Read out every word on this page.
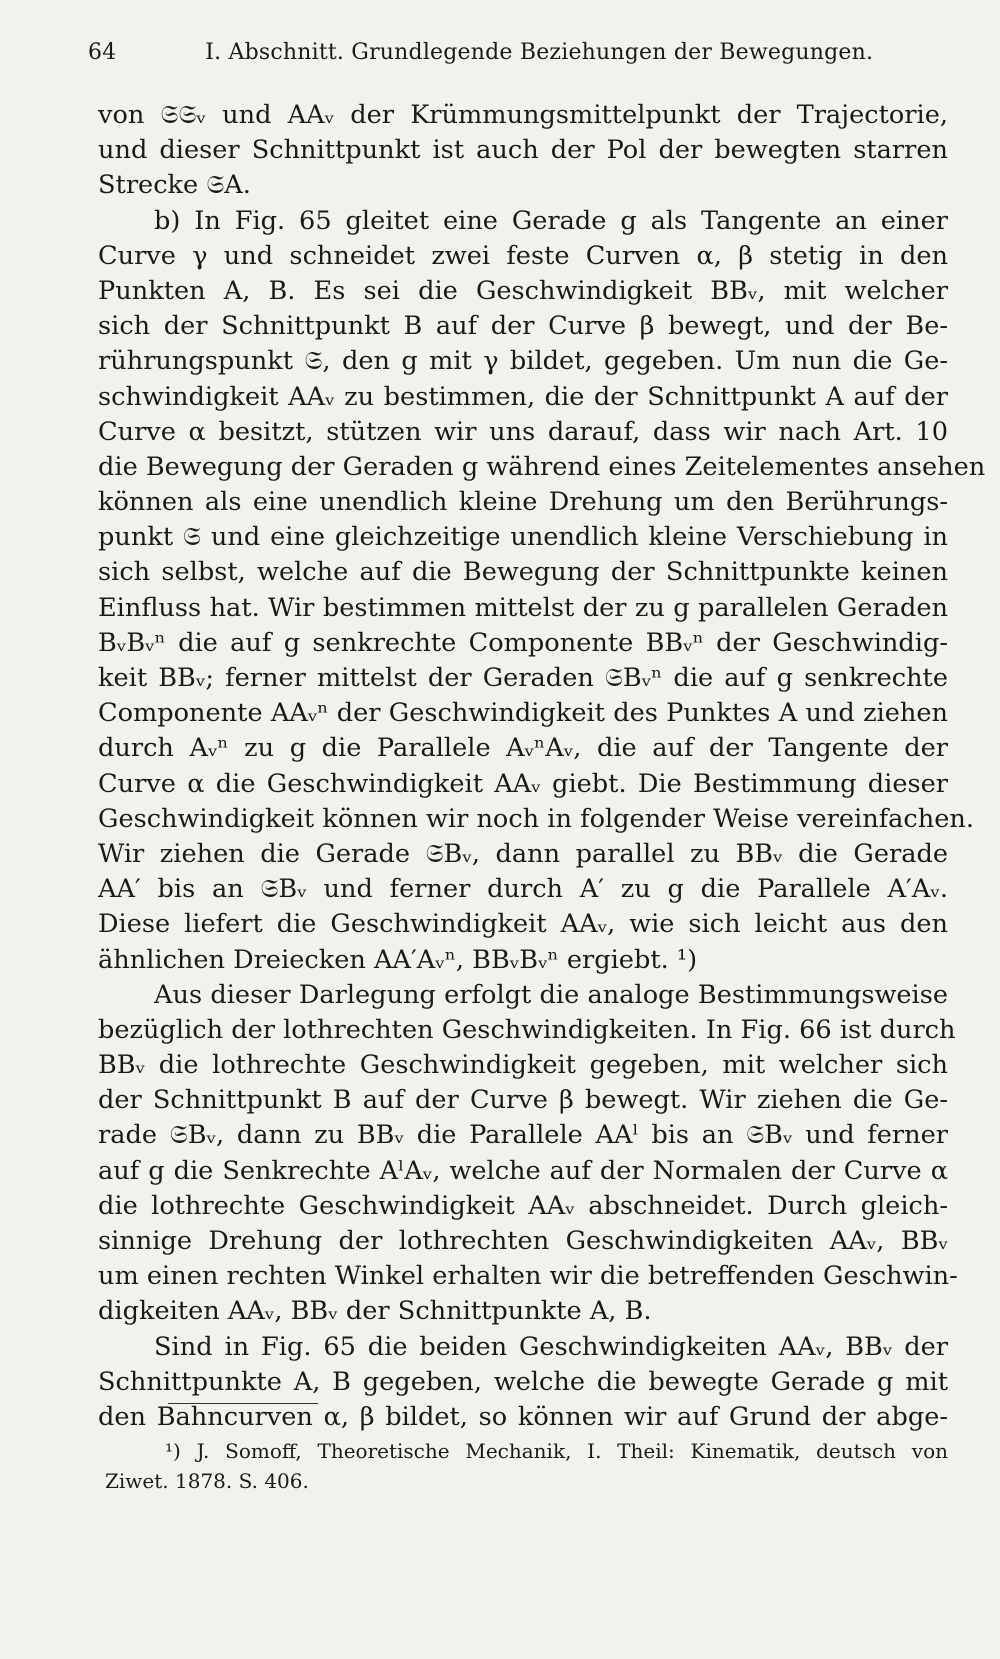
64	I. Abschnitt. Grundlegende Beziehungen der Bewegungen.
von 𝔖𝔖ᵥ und AAᵥ der Krümmungsmittelpunkt der Trajectorie,
und dieser Schnittpunkt ist auch der Pol der bewegten starren
Strecke 𝔖A.
b) In Fig. 65 gleitet eine Gerade g als Tangente an einer
Curve γ und schneidet zwei feste Curven α, β stetig in den
Punkten A, B. Es sei die Geschwindigkeit BBᵥ, mit welcher
sich der Schnittpunkt B auf der Curve β bewegt, und der Be-
rührungspunkt 𝔖, den g mit γ bildet, gegeben. Um nun die Ge-
schwindigkeit AAᵥ zu bestimmen, die der Schnittpunkt A auf der
Curve α besitzt, stützen wir uns darauf, dass wir nach Art. 10
die Bewegung der Geraden g während eines Zeitelementes ansehen
können als eine unendlich kleine Drehung um den Berührungs-
punkt 𝔖 und eine gleichzeitige unendlich kleine Verschiebung in
sich selbst, welche auf die Bewegung der Schnittpunkte keinen
Einfluss hat. Wir bestimmen mittelst der zu g parallelen Geraden
BᵥBᵥⁿ die auf g senkrechte Componente BBᵥⁿ der Geschwindig-
keit BBᵥ; ferner mittelst der Geraden 𝔖Bᵥⁿ die auf g senkrechte
Componente AAᵥⁿ der Geschwindigkeit des Punktes A und ziehen
durch Aᵥⁿ zu g die Parallele AᵥⁿAᵥ, die auf der Tangente der
Curve α die Geschwindigkeit AAᵥ giebt. Die Bestimmung dieser
Geschwindigkeit können wir noch in folgender Weise vereinfachen.
Wir ziehen die Gerade 𝔖Bᵥ, dann parallel zu BBᵥ die Gerade
AA′ bis an 𝔖Bᵥ und ferner durch A′ zu g die Parallele A′Aᵥ.
Diese liefert die Geschwindigkeit AAᵥ, wie sich leicht aus den
ähnlichen Dreiecken AA′Aᵥⁿ, BBᵥBᵥⁿ ergiebt. ¹)
Aus dieser Darlegung erfolgt die analoge Bestimmungsweise
bezüglich der lothrechten Geschwindigkeiten. In Fig. 66 ist durch
BBᵥ die lothrechte Geschwindigkeit gegeben, mit welcher sich
der Schnittpunkt B auf der Curve β bewegt. Wir ziehen die Ge-
rade 𝔖Bᵥ, dann zu BBᵥ die Parallele AAˡ bis an 𝔖Bᵥ und ferner
auf g die Senkrechte AˡAᵥ, welche auf der Normalen der Curve α
die lothrechte Geschwindigkeit AAᵥ abschneidet. Durch gleich-
sinnige Drehung der lothrechten Geschwindigkeiten AAᵥ, BBᵥ
um einen rechten Winkel erhalten wir die betreffenden Geschwin-
digkeiten AAᵥ, BBᵥ der Schnittpunkte A, B.
Sind in Fig. 65 die beiden Geschwindigkeiten AAᵥ, BBᵥ der
Schnittpunkte A, B gegeben, welche die bewegte Gerade g mit
den Bahncurven α, β bildet, so können wir auf Grund der abge-
¹) J. Somoff, Theoretische Mechanik, I. Theil: Kinematik, deutsch von
Ziwet. 1878. S. 406.
